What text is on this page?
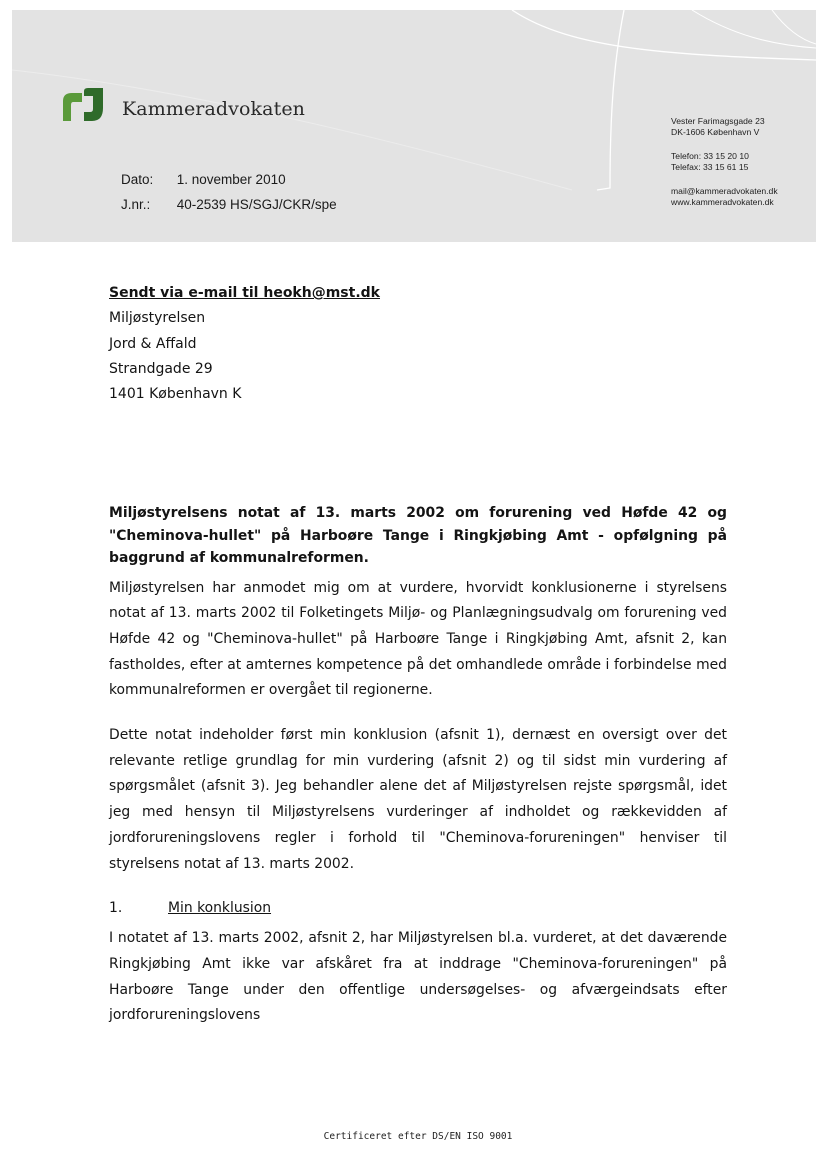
Kammeradvokaten
Dato: 1. november 2010
J.nr.: 40-2539 HS/SGJ/CKR/spe
Vester Farimagsgade 23
DK-1606 København V
Telefon: 33 15 20 10
Telefax: 33 15 61 15
mail@kammeradvokaten.dk
www.kammeradvokaten.dk
Sendt via e-mail til heokh@mst.dk
Miljøstyrelsen
Jord & Affald
Strandgade 29
1401 København K

Miljøstyrelsens notat af 13. marts 2002 om forurening ved Høfde 42 og "Cheminova-hullet" på Harboøre Tange i Ringkjøbing Amt - opfølgning på baggrund af kommunalreformen.

Miljøstyrelsen har anmodet mig om at vurdere, hvorvidt konklusionerne i styrelsens notat af 13. marts 2002 til Folketingets Miljø- og Planlægningsudvalg om forurening ved Høfde 42 og "Cheminova-hullet" på Harboøre Tange i Ringkjøbing Amt, afsnit 2, kan fastholdes, efter at amternes kompetence på det omhandlede område i forbindelse med kommunalreformen er overgået til regionerne.

Dette notat indeholder først min konklusion (afsnit 1), dernæst en oversigt over det relevante retlige grundlag for min vurdering (afsnit 2) og til sidst min vurdering af spørgsmålet (afsnit 3). Jeg behandler alene det af Miljøstyrelsen rejste spørgsmål, idet jeg med hensyn til Miljøstyrelsens vurderinger af indholdet og rækkevidden af jordforureningslovens regler i forhold til "Cheminova-forureningen" henviser til styrelsens notat af 13. marts 2002.

1.	Min konklusion

I notatet af 13. marts 2002, afsnit 2, har Miljøstyrelsen bl.a. vurderet, at det daværende Ringkjøbing Amt ikke var afskåret fra at inddrage "Cheminova-forureningen" på Harboøre Tange under den offentlige undersøgelses- og afværgeindsats efter jordforureningslovens

Certificeret efter DS/EN ISO 9001
